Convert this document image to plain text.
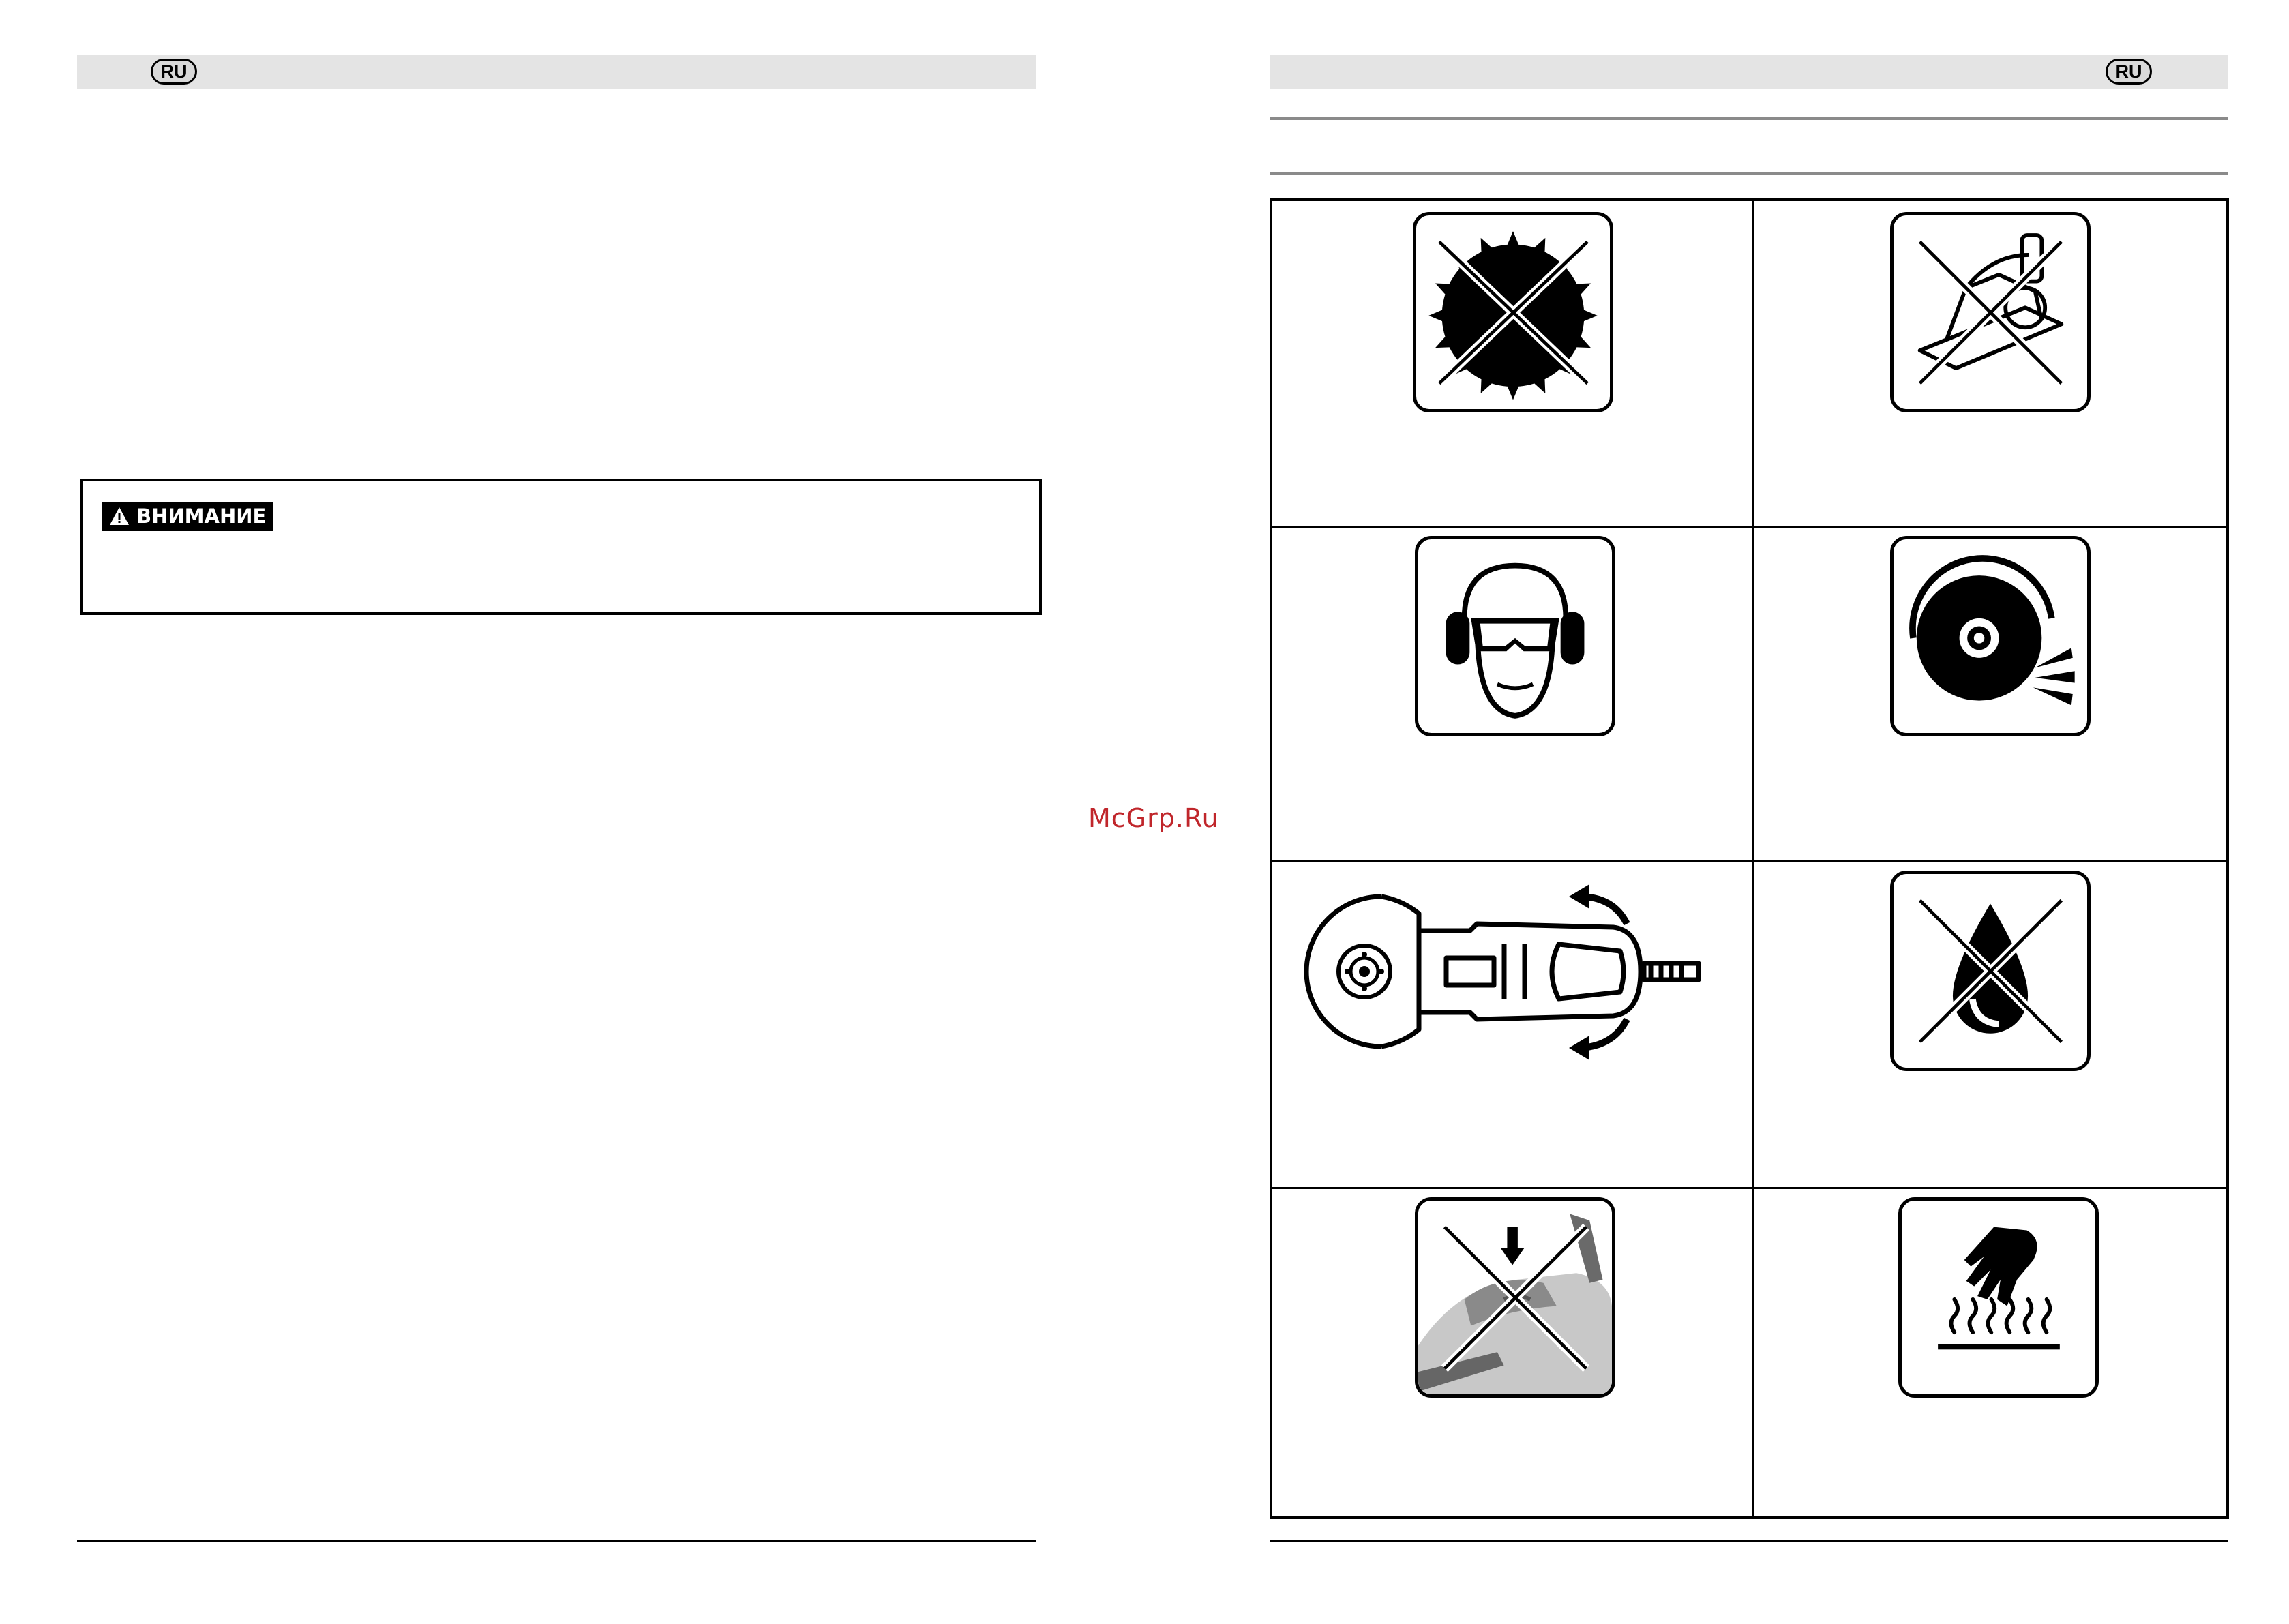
RU
ВНИМАНИЕ
McGrp.Ru
RU
